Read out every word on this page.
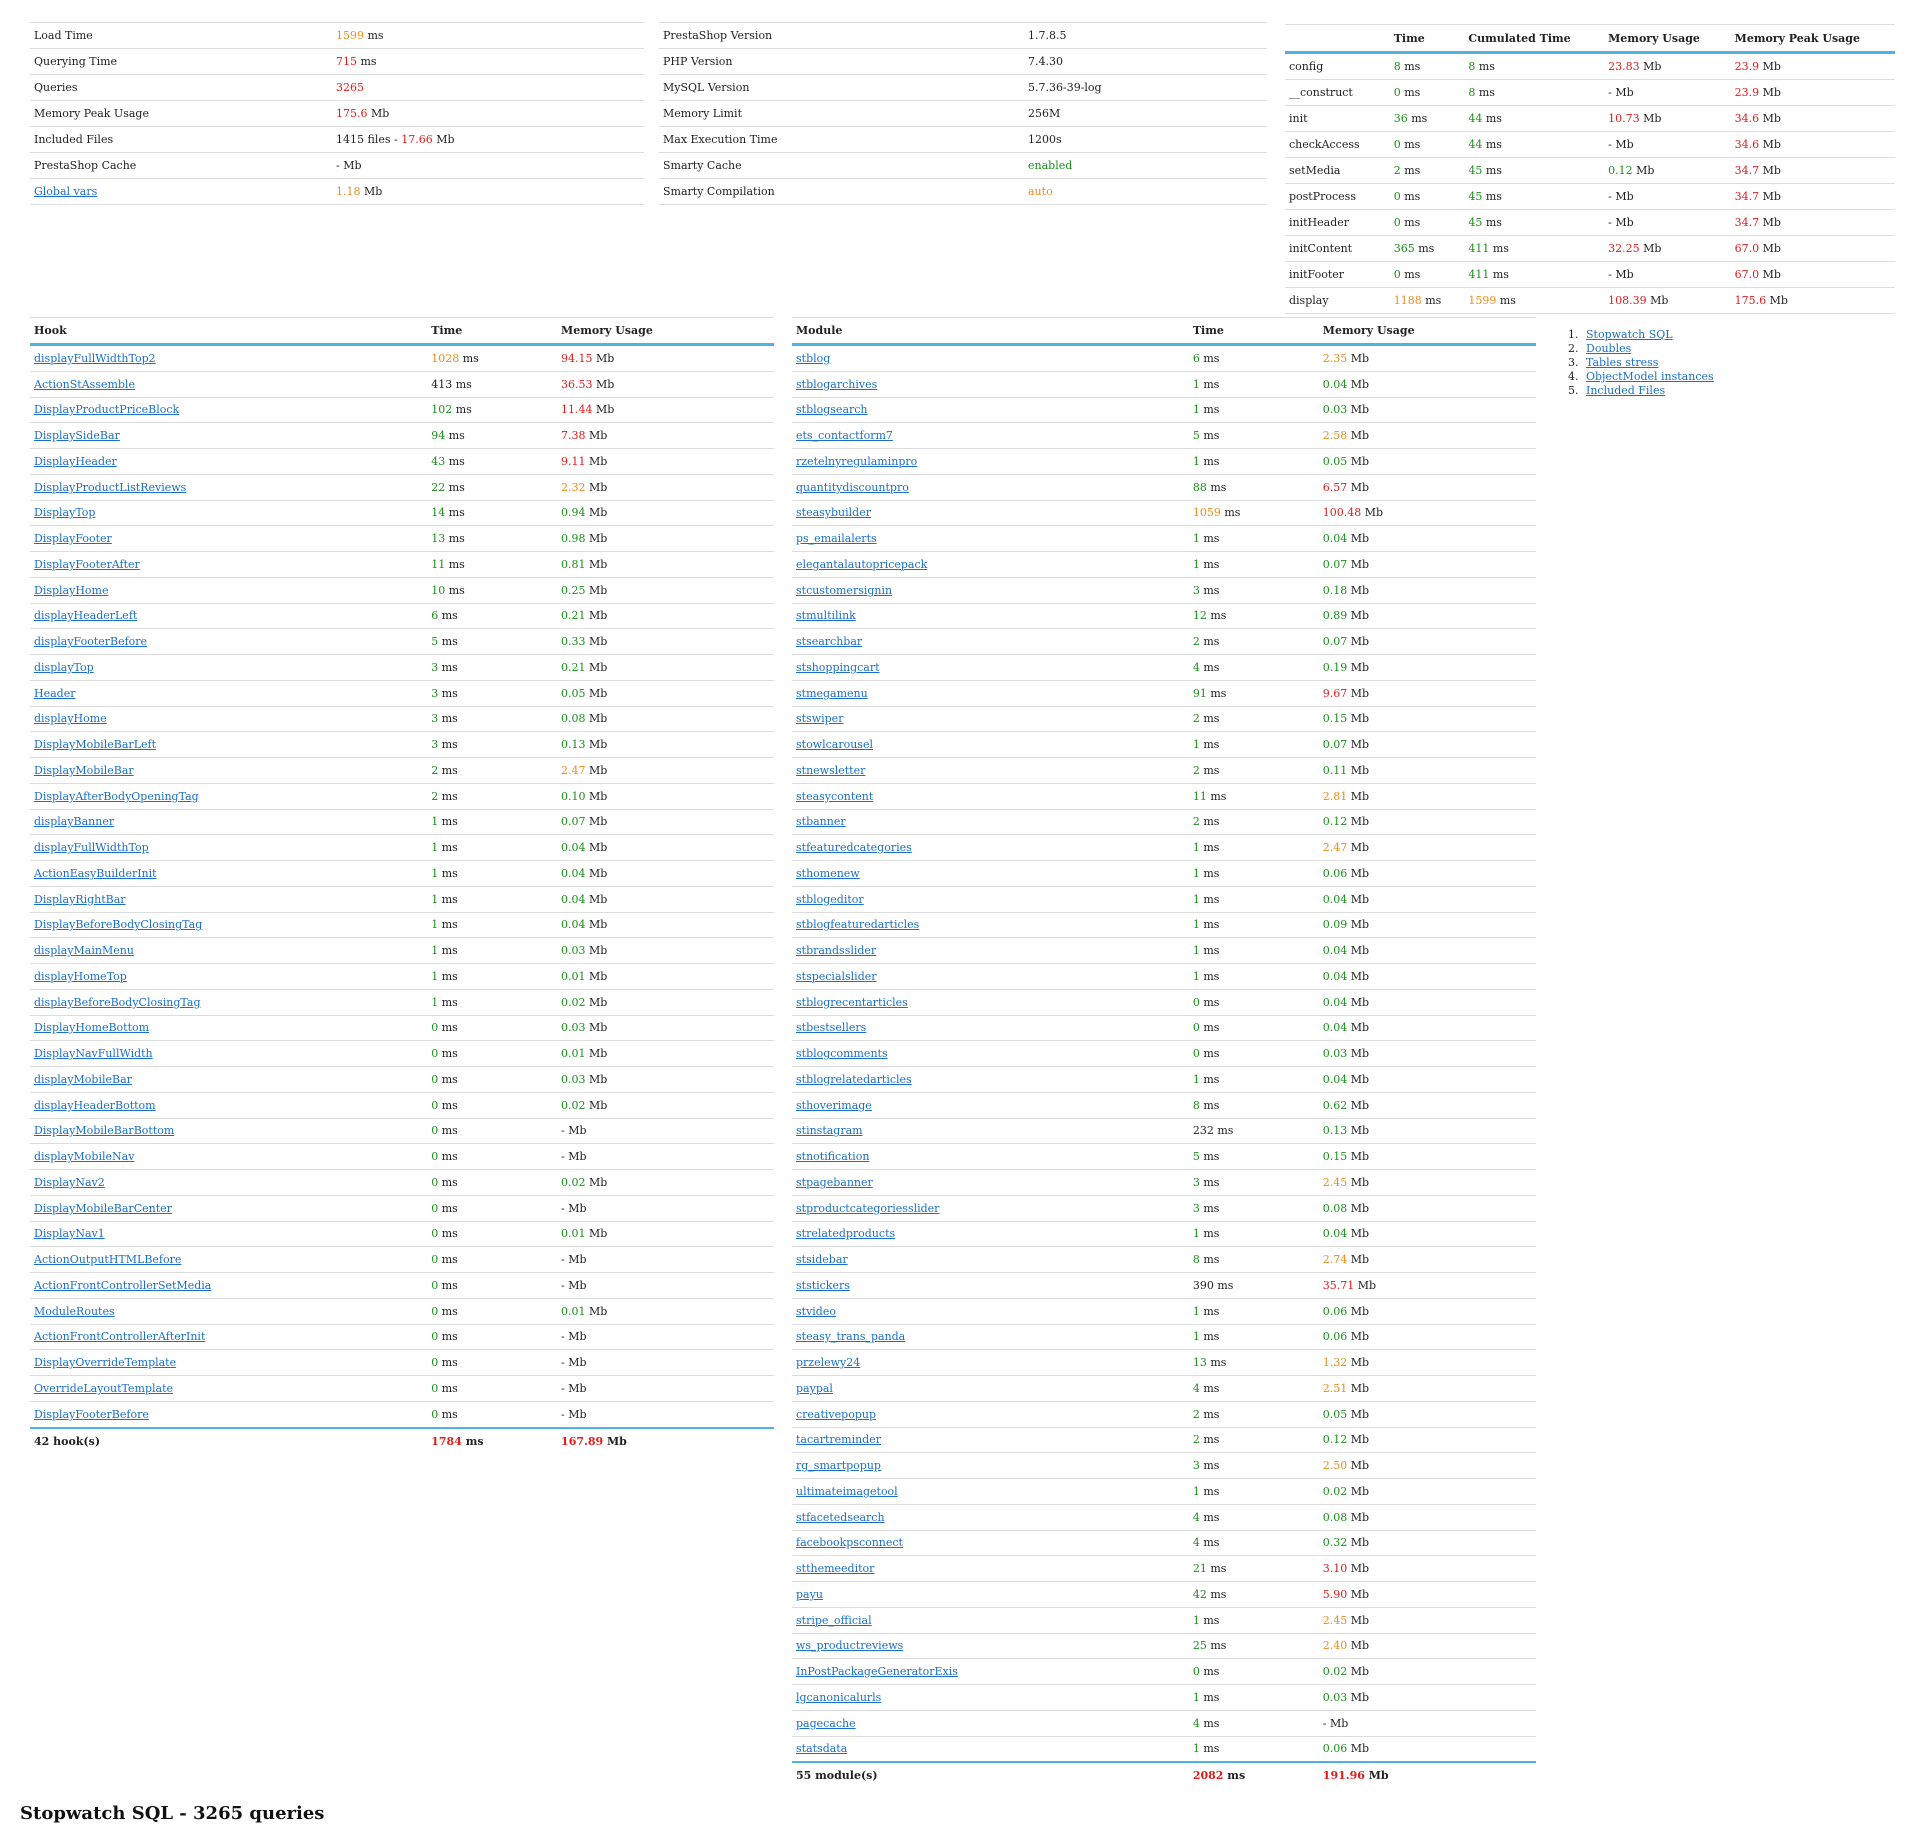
Load Time	1599 ms
Querying Time	715 ms
Queries	3265
Memory Peak Usage	175.6 Mb
Included Files	1415 files - 17.66 Mb
PrestaShop Cache	- Mb
Global vars	1.18 Mb
PrestaShop Version	1.7.8.5
PHP Version	7.4.30
MySQL Version	5.7.36-39-log
Memory Limit	256M
Max Execution Time	1200s
Smarty Cache	enabled
Smarty Compilation	auto
	Time	Cumulated Time	Memory Usage	Memory Peak Usage
config	8 ms	8 ms	23.83 Mb	23.9 Mb
__construct	0 ms	8 ms	- Mb	23.9 Mb
init	36 ms	44 ms	10.73 Mb	34.6 Mb
checkAccess	0 ms	44 ms	- Mb	34.6 Mb
setMedia	2 ms	45 ms	0.12 Mb	34.7 Mb
postProcess	0 ms	45 ms	- Mb	34.7 Mb
initHeader	0 ms	45 ms	- Mb	34.7 Mb
initContent	365 ms	411 ms	32.25 Mb	67.0 Mb
initFooter	0 ms	411 ms	- Mb	67.0 Mb
display	1188 ms	1599 ms	108.39 Mb	175.6 Mb
Hook	Time	Memory Usage
displayFullWidthTop2	1028 ms	94.15 Mb
ActionStAssemble	413 ms	36.53 Mb
DisplayProductPriceBlock	102 ms	11.44 Mb
DisplaySideBar	94 ms	7.38 Mb
DisplayHeader	43 ms	9.11 Mb
DisplayProductListReviews	22 ms	2.32 Mb
DisplayTop	14 ms	0.94 Mb
DisplayFooter	13 ms	0.98 Mb
DisplayFooterAfter	11 ms	0.81 Mb
DisplayHome	10 ms	0.25 Mb
displayHeaderLeft	6 ms	0.21 Mb
displayFooterBefore	5 ms	0.33 Mb
displayTop	3 ms	0.21 Mb
Header	3 ms	0.05 Mb
displayHome	3 ms	0.08 Mb
DisplayMobileBarLeft	3 ms	0.13 Mb
DisplayMobileBar	2 ms	2.47 Mb
DisplayAfterBodyOpeningTag	2 ms	0.10 Mb
displayBanner	1 ms	0.07 Mb
displayFullWidthTop	1 ms	0.04 Mb
ActionEasyBuilderInit	1 ms	0.04 Mb
DisplayRightBar	1 ms	0.04 Mb
DisplayBeforeBodyClosingTag	1 ms	0.04 Mb
displayMainMenu	1 ms	0.03 Mb
displayHomeTop	1 ms	0.01 Mb
displayBeforeBodyClosingTag	1 ms	0.02 Mb
DisplayHomeBottom	0 ms	0.03 Mb
DisplayNavFullWidth	0 ms	0.01 Mb
displayMobileBar	0 ms	0.03 Mb
displayHeaderBottom	0 ms	0.02 Mb
DisplayMobileBarBottom	0 ms	- Mb
displayMobileNav	0 ms	- Mb
DisplayNav2	0 ms	0.02 Mb
DisplayMobileBarCenter	0 ms	- Mb
DisplayNav1	0 ms	0.01 Mb
ActionOutputHTMLBefore	0 ms	- Mb
ActionFrontControllerSetMedia	0 ms	- Mb
ModuleRoutes	0 ms	0.01 Mb
ActionFrontControllerAfterInit	0 ms	- Mb
DisplayOverrideTemplate	0 ms	- Mb
OverrideLayoutTemplate	0 ms	- Mb
DisplayFooterBefore	0 ms	- Mb
42 hook(s)	1784 ms	167.89 Mb
Module	Time	Memory Usage
stblog	6 ms	2.35 Mb
stblogarchives	1 ms	0.04 Mb
stblogsearch	1 ms	0.03 Mb
ets_contactform7	5 ms	2.58 Mb
rzetelnyregulaminpro	1 ms	0.05 Mb
quantitydiscountpro	88 ms	6.57 Mb
steasybuilder	1059 ms	100.48 Mb
ps_emailalerts	1 ms	0.04 Mb
elegantalautopricepack	1 ms	0.07 Mb
stcustomersignin	3 ms	0.18 Mb
stmultilink	12 ms	0.89 Mb
stsearchbar	2 ms	0.07 Mb
stshoppingcart	4 ms	0.19 Mb
stmegamenu	91 ms	9.67 Mb
stswiper	2 ms	0.15 Mb
stowlcarousel	1 ms	0.07 Mb
stnewsletter	2 ms	0.11 Mb
steasycontent	11 ms	2.81 Mb
stbanner	2 ms	0.12 Mb
stfeaturedcategories	1 ms	2.47 Mb
sthomenew	1 ms	0.06 Mb
stblogeditor	1 ms	0.04 Mb
stblogfeaturedarticles	1 ms	0.09 Mb
stbrandsslider	1 ms	0.04 Mb
stspecialslider	1 ms	0.04 Mb
stblogrecentarticles	0 ms	0.04 Mb
stbestsellers	0 ms	0.04 Mb
stblogcomments	0 ms	0.03 Mb
stblogrelatedarticles	1 ms	0.04 Mb
sthoverimage	8 ms	0.62 Mb
stinstagram	232 ms	0.13 Mb
stnotification	5 ms	0.15 Mb
stpagebanner	3 ms	2.45 Mb
stproductcategoriesslider	3 ms	0.08 Mb
strelatedproducts	1 ms	0.04 Mb
stsidebar	8 ms	2.74 Mb
ststickers	390 ms	35.71 Mb
stvideo	1 ms	0.06 Mb
steasy_trans_panda	1 ms	0.06 Mb
przelewy24	13 ms	1.32 Mb
paypal	4 ms	2.51 Mb
creativepopup	2 ms	0.05 Mb
tacartreminder	2 ms	0.12 Mb
rg_smartpopup	3 ms	2.50 Mb
ultimateimagetool	1 ms	0.02 Mb
stfacetedsearch	4 ms	0.08 Mb
facebookpsconnect	4 ms	0.32 Mb
stthemeeditor	21 ms	3.10 Mb
payu	42 ms	5.90 Mb
stripe_official	1 ms	2.45 Mb
ws_productreviews	25 ms	2.40 Mb
InPostPackageGeneratorExis	0 ms	0.02 Mb
lgcanonicalurls	1 ms	0.03 Mb
pagecache	4 ms	- Mb
statsdata	1 ms	0.06 Mb
55 module(s)	2082 ms	191.96 Mb
1. Stopwatch SQL
2. Doubles
3. Tables stress
4. ObjectModel instances
5. Included Files
Stopwatch SQL - 3265 queries
